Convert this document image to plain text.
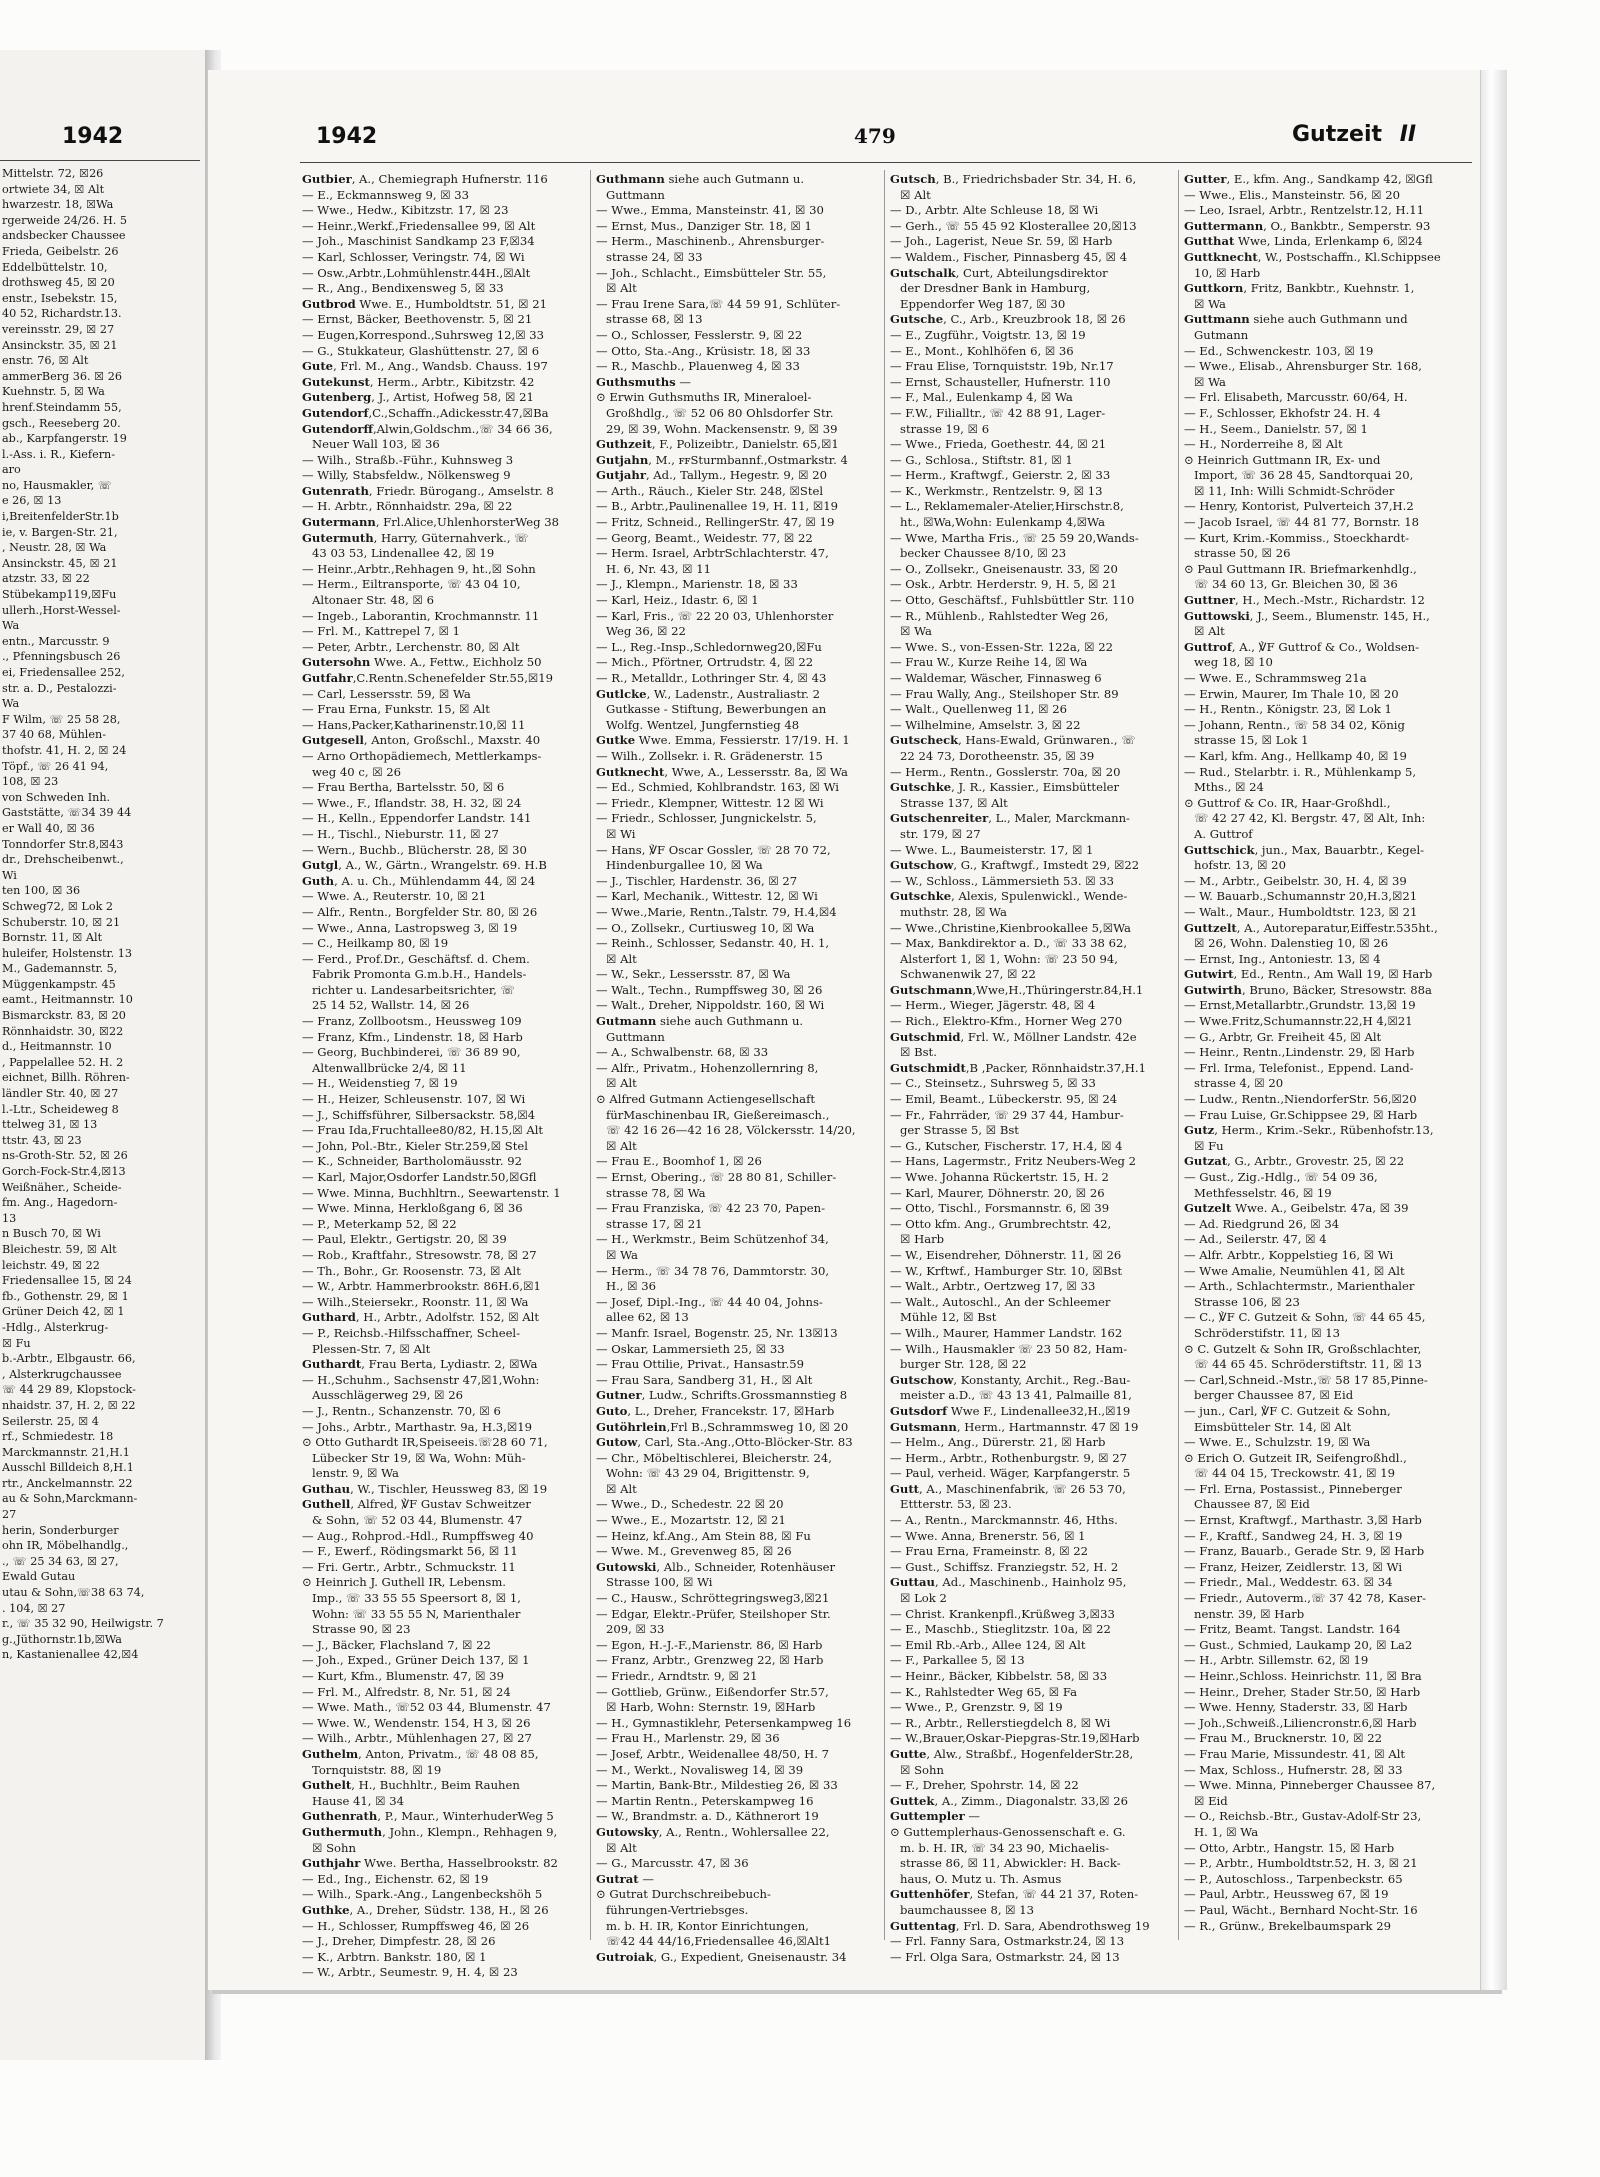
1942
Mittelstr. 72, ☒26
ortwiete 34, ☒ Alt
hwarzestr. 18, ☒Wa
rgerweide 24/26. H. 5
andsbecker Chaussee
Frieda, Geibelstr. 26
Eddelbüttelstr. 10,
drothsweg 45, ☒ 20
enstr., Isebekstr. 15,
40 52, Richardstr.13.
vereinsstr. 29, ☒ 27
Ansinckstr. 35, ☒ 21
enstr. 76, ☒ Alt
ammerBerg 36. ☒ 26
Kuehnstr. 5, ☒ Wa
hrenf.Steindamm 55,
gsch., Reeseberg 20.
ab., Karpfangerstr. 19
l.-Ass. i. R., Kiefern-
aro
no, Hausmakler, ☏
e 26, ☒ 13
i,BreitenfelderStr.1b
ie, v. Bargen-Str. 21,
, Neustr. 28, ☒ Wa
Ansinckstr. 45, ☒ 21
atzstr. 33, ☒ 22
Stübekamp119,☒Fu
ullerh.,Horst-Wessel-
Wa
entn., Marcusstr. 9
., Pfenningsbusch 26
ei, Friedensallee 252,
str. a. D., Pestalozzi-
Wa
F Wilm, ☏ 25 58 28,
37 40 68, Mühlen-
thofstr. 41, H. 2, ☒ 24
Töpf., ☏ 26 41 94,
108, ☒ 23
von Schweden Inh.
Gaststätte, ☏34 39 44
er Wall 40, ☒ 36
Tonndorfer Str.8,☒43
dr., Drehscheibenwt.,
Wi
ten 100, ☒ 36
Schweg72, ☒ Lok 2
Schuberstr. 10, ☒ 21
Bornstr. 11, ☒ Alt
huleifer, Holstenstr. 13
M., Gademannstr. 5,
Müggenkampstr. 45
eamt., Heitmannstr. 10
Bismarckstr. 83, ☒ 20
Rönnhaidstr. 30, ☒22
d., Heitmannstr. 10
, Pappelallee 52. H. 2
eichnet, Billh. Röhren-
ländler Str. 40, ☒ 27
l.-Ltr., Scheideweg 8
ttelweg 31, ☒ 13
ttstr. 43, ☒ 23
ns-Groth-Str. 52, ☒ 26
Gorch-Fock-Str.4,☒13
Weißnäher., Scheide-
fm. Ang., Hagedorn-
13
n Busch 70, ☒ Wi
Bleichestr. 59, ☒ Alt
leichstr. 49, ☒ 22
Friedensallee 15, ☒ 24
fb., Gothenstr. 29, ☒ 1
Grüner Deich 42, ☒ 1
-Hdlg., Alsterkrug-
☒ Fu
b.-Arbtr., Elbgaustr. 66,
, Alsterkrugchaussee
☏ 44 29 89, Klopstock-
nhaidstr. 37, H. 2, ☒ 22
Seilerstr. 25, ☒ 4
rf., Schmiedestr. 18
Marckmannstr. 21,H.1
Ausschl Billdeich 8,H.1
rtr., Anckelmannstr. 22
au & Sohn,Marckmann-
27
herin, Sonderburger
ohn IR, Möbelhandlg.,
., ☏ 25 34 63, ☒ 27,
Ewald Gutau
utau & Sohn,☏38 63 74,
. 104, ☒ 27
r., ☏ 35 32 90, Heilwigstr. 7
g.,Jüthornstr.1b,☒Wa
n, Kastanienallee 42,☒4
1942	479	Gutzeit II
Gutbier, A., Chemiegraph Hufnerstr. 116
— E., Eckmannsweg 9, ☒ 33
— Wwe., Hedw., Kibitzstr. 17, ☒ 23
— Heinr.,Werkf.,Friedensallee 99, ☒ Alt
— Joh., Maschinist Sandkamp 23 F,☒34
— Karl, Schlosser, Veringstr. 74, ☒ Wi
— Osw.,Arbtr.,Lohmühlenstr.44H.,☒Alt
— R., Ang., Bendixensweg 5, ☒ 33
Gutbrod Wwe. E., Humboldtstr. 51, ☒ 21
— Ernst, Bäcker, Beethovenstr. 5, ☒ 21
— Eugen,Korrespond.,Suhrsweg 12,☒ 33
— G., Stukkateur, Glashüttenstr. 27, ☒ 6
Gute, Frl. M., Ang., Wandsb. Chauss. 197
Gutekunst, Herm., Arbtr., Kibitzstr. 42
Gutenberg, J., Artist, Hofweg 58, ☒ 21
Gutendorf,C.,Schaffn.,Adickesstr.47,☒Ba
Gutendorff,Alwin,Goldschm.,☏ 34 66 36,
Neuer Wall 103, ☒ 36
— Wilh., Straßb.-Führ., Kuhnsweg 3
— Willy, Stabsfeldw., Nölkensweg 9
Gutenrath, Friedr. Bürogang., Amselstr. 8
— H. Arbtr., Rönnhaidstr. 29a, ☒ 22
Gutermann, Frl.Alice,UhlenhorsterWeg 38
Gutermuth, Harry, Güternahverk., ☏
43 03 53, Lindenallee 42, ☒ 19
— Heinr.,Arbtr.,Rehhagen 9, ht.,☒ Sohn
— Herm., Eiltransporte, ☏ 43 04 10,
Altonaer Str. 48, ☒ 6
— Ingeb., Laborantin, Krochmannstr. 11
— Frl. M., Kattrepel 7, ☒ 1
— Peter, Arbtr., Lerchenstr. 80, ☒ Alt
Gutersohn Wwe. A., Fettw., Eichholz 50
Gutfahr,C.Rentn.Schenefelder Str.55,☒19
— Carl, Lessersstr. 59, ☒ Wa
— Frau Erna, Funkstr. 15, ☒ Alt
— Hans,Packer,Katharinenstr.10,☒ 11
Gutgesell, Anton, Großschl., Maxstr. 40
— Arno Orthopädiemech, Mettlerkamps-
weg 40 c, ☒ 26
— Frau Bertha, Bartelsstr. 50, ☒ 6
— Wwe., F., Iflandstr. 38, H. 32, ☒ 24
— H., Kelln., Eppendorfer Landstr. 141
— H., Tischl., Nieburstr. 11, ☒ 27
— Wern., Buchb., Blücherstr. 28, ☒ 30
Gutgl, A., W., Gärtn., Wrangelstr. 69. H.B
Guth, A. u. Ch., Mühlendamm 44, ☒ 24
— Wwe. A., Reuterstr. 10, ☒ 21
— Alfr., Rentn., Borgfelder Str. 80, ☒ 26
— Wwe., Anna, Lastropsweg 3, ☒ 19
— C., Heilkamp 80, ☒ 19
— Ferd., Prof.Dr., Geschäftsf. d. Chem.
Fabrik Promonta G.m.b.H., Handels-
richter u. Landesarbeitsrichter, ☏
25 14 52, Wallstr. 14, ☒ 26
— Franz, Zollbootsm., Heussweg 109
— Franz, Kfm., Lindenstr. 18, ☒ Harb
— Georg, Buchbinderei, ☏ 36 89 90,
Altenwallbrücke 2/4, ☒ 11
— H., Weidenstieg 7, ☒ 19
— H., Heizer, Schleusenstr. 107, ☒ Wi
— J., Schiffsführer, Silbersackstr. 58,☒4
— Frau Ida,Fruchtallee80/82, H.15,☒ Alt
— John, Pol.-Btr., Kieler Str.259,☒ Stel
— K., Schneider, Bartholomäusstr. 92
— Karl, Major,Osdorfer Landstr.50,☒Gfl
— Wwe. Minna, Buchhltrn., Seewartenstr. 1
— Wwe. Minna, Herkloßgang 6, ☒ 36
— P., Meterkamp 52, ☒ 22
— Paul, Elektr., Gertigstr. 20, ☒ 39
— Rob., Kraftfahr., Stresowstr. 78, ☒ 27
— Th., Bohr., Gr. Roosenstr. 73, ☒ Alt
— W., Arbtr. Hammerbrookstr. 86H.6,☒1
— Wilh.,Steiersekr., Roonstr. 11, ☒ Wa
Guthard, H., Arbtr., Adolfstr. 152, ☒ Alt
— P., Reichsb.-Hilfsschaffner, Scheel-
Plessen-Str. 7, ☒ Alt
Guthardt, Frau Berta, Lydiastr. 2, ☒Wa
— H.,Schuhm., Sachsenstr 47,☒1,Wohn:
Ausschlägerweg 29, ☒ 26
— J., Rentn., Schanzenstr. 70, ☒ 6
— Johs., Arbtr., Marthastr. 9a, H.3,☒19
⊙ Otto Guthardt IR,Speiseeis.☏28 60 71,
Lübecker Str 19, ☒ Wa, Wohn: Müh-
lenstr. 9, ☒ Wa
Guthau, W., Tischler, Heussweg 83, ☒ 19
Guthell, Alfred, ℣F Gustav Schweitzer
& Sohn, ☏ 52 03 44, Blumenstr. 47
— Aug., Rohprod.-Hdl., Rumpffsweg 40
— F., Ewerf., Rödingsmarkt 56, ☒ 11
— Fri. Gertr., Arbtr., Schmuckstr. 11
⊙ Heinrich J. Guthell IR, Lebensm.
Imp., ☏ 33 55 55 Speersort 8, ☒ 1,
Wohn: ☏ 33 55 55 N, Marienthaler
Strasse 90, ☒ 23
— J., Bäcker, Flachsland 7, ☒ 22
— Joh., Exped., Grüner Deich 137, ☒ 1
— Kurt, Kfm., Blumenstr. 47, ☒ 39
— Frl. M., Alfredstr. 8, Nr. 51, ☒ 24
— Wwe. Math., ☏52 03 44, Blumenstr. 47
— Wwe. W., Wendenstr. 154, H 3, ☒ 26
— Wilh., Arbtr., Mühlenhagen 27, ☒ 27
Guthelm, Anton, Privatm., ☏ 48 08 85,
Tornquiststr. 88, ☒ 19
Guthelt, H., Buchhltr., Beim Rauhen
Hause 41, ☒ 34
Guthenrath, P., Maur., WinterhuderWeg 5
Guthermuth, John., Klempn., Rehhagen 9,
☒ Sohn
Guthjahr Wwe. Bertha, Hasselbrookstr. 82
— Ed., Ing., Eichenstr. 62, ☒ 19
— Wilh., Spark.-Ang., Langenbeckshöh 5
Guthke, A., Dreher, Südstr. 138, H., ☒ 26
— H., Schlosser, Rumpffsweg 46, ☒ 26
— J., Dreher, Dimpfestr. 28, ☒ 26
— K., Arbtrn. Bankstr. 180, ☒ 1
— W., Arbtr., Seumestr. 9, H. 4, ☒ 23
Guthmann siehe auch Gutmann u.
Guttmann
— Wwe., Emma, Mansteinstr. 41, ☒ 30
— Ernst, Mus., Danziger Str. 18, ☒ 1
— Herm., Maschinenb., Ahrensburger-
strasse 24, ☒ 33
— Joh., Schlacht., Eimsbütteler Str. 55,
☒ Alt
— Frau Irene Sara,☏ 44 59 91, Schlüter-
strasse 68, ☒ 13
— O., Schlosser, Fesslerstr. 9, ☒ 22
— Otto, Sta.-Ang., Krüsistr. 18, ☒ 33
— R., Maschb., Plauenweg 4, ☒ 33
Guthsmuths —
⊙ Erwin Guthsmuths IR, Mineraloel-
Großhdlg., ☏ 52 06 80 Ohlsdorfer Str.
29, ☒ 39, Wohn. Mackensenstr. 9, ☒ 39
Guthzeit, F., Polizeibtr., Danielstr. 65,☒1
Gutjahn, M., ꜰꜰSturmbannf.,Ostmarkstr. 4
Gutjahr, Ad., Tallym., Hegestr. 9, ☒ 20
— Arth., Räuch., Kieler Str. 248, ☒Stel
— B., Arbtr.,Paulinenallee 19, H. 11, ☒19
— Fritz, Schneid., RellingerStr. 47, ☒ 19
— Georg, Beamt., Weidestr. 77, ☒ 22
— Herm. Israel, ArbtrSchlachterstr. 47,
H. 6, Nr. 43, ☒ 11
— J., Klempn., Marienstr. 18, ☒ 33
— Karl, Heiz., Idastr. 6, ☒ 1
— Karl, Fris., ☏ 22 20 03, Uhlenhorster
Weg 36, ☒ 22
— L., Reg.-Insp.,Schledornweg20,☒Fu
— Mich., Pförtner, Ortrudstr. 4, ☒ 22
— R., Metalldr., Lothringer Str. 4, ☒ 43
Gutlcke, W., Ladenstr., Australiastr. 2
Gutkasse - Stiftung, Bewerbungen an
Wolfg. Wentzel, Jungfernstieg 48
Gutke Wwe. Emma, Fessierstr. 17/19. H. 1
— Wilh., Zollsekr. i. R. Grädenerstr. 15
Gutknecht, Wwe, A., Lessersstr. 8a, ☒ Wa
— Ed., Schmied, Kohlbrandstr. 163, ☒ Wi
— Friedr., Klempner, Wittestr. 12 ☒ Wi
— Friedr., Schlosser, Jungnickelstr. 5,
☒ Wi
— Hans, ℣F Oscar Gossler, ☏ 28 70 72,
Hindenburgallee 10, ☒ Wa
— J., Tischler, Hardenstr. 36, ☒ 27
— Karl, Mechanik., Wittestr. 12, ☒ Wi
— Wwe.,Marie, Rentn.,Talstr. 79, H.4,☒4
— O., Zollsekr., Curtiusweg 10, ☒ Wa
— Reinh., Schlosser, Sedanstr. 40, H. 1,
☒ Alt
— W., Sekr., Lessersstr. 87, ☒ Wa
— Walt., Techn., Rumpffsweg 30, ☒ 26
— Walt., Dreher, Nippoldstr. 160, ☒ Wi
Gutmann siehe auch Guthmann u.
Guttmann
— A., Schwalbenstr. 68, ☒ 33
— Alfr., Privatm., Hohenzollernring 8,
☒ Alt
⊙ Alfred Gutmann Actiengesellschaft
fürMaschinenbau IR, Gießereimasch.,
☏ 42 16 26—42 16 28, Völckersstr. 14/20,
☒ Alt
— Frau E., Boomhof 1, ☒ 26
— Ernst, Obering., ☏ 28 80 81, Schiller-
strasse 78, ☒ Wa
— Frau Franziska, ☏ 42 23 70, Papen-
strasse 17, ☒ 21
— H., Werkmstr., Beim Schützenhof 34,
☒ Wa
— Herm., ☏ 34 78 76, Dammtorstr. 30,
H., ☒ 36
— Josef, Dipl.-Ing., ☏ 44 40 04, Johns-
allee 62, ☒ 13
— Manfr. Israel, Bogenstr. 25, Nr. 13☒13
— Oskar, Lammersieth 25, ☒ 33
— Frau Ottilie, Privat., Hansastr.59
— Frau Sara, Sandberg 31, H., ☒ Alt
Gutner, Ludw., Schrifts.Grossmannstieg 8
Guto, L., Dreher, Francekstr. 17, ☒Harb
Gutöhrlein,Frl B.,Schrammsweg 10, ☒ 20
Gutow, Carl, Sta.-Ang.,Otto-Blöcker-Str. 83
— Chr., Möbeltischlerei, Bleicherstr. 24,
Wohn: ☏ 43 29 04, Brigittenstr. 9,
☒ Alt
— Wwe., D., Schedestr. 22 ☒ 20
— Wwe., E., Mozartstr. 12, ☒ 21
— Heinz, kf.Ang., Am Stein 88, ☒ Fu
— Wwe. M., Grevenweg 85, ☒ 26
Gutowski, Alb., Schneider, Rotenhäuser
Strasse 100, ☒ Wi
— C., Hausw., Schröttegringsweg3,☒21
— Edgar, Elektr.-Prüfer, Steilshoper Str.
209, ☒ 33
— Egon, H.-J.-F.,Marienstr. 86, ☒ Harb
— Franz, Arbtr., Grenzweg 22, ☒ Harb
— Friedr., Arndtstr. 9, ☒ 21
— Gottlieb, Grünw., Eißendorfer Str.57,
☒ Harb, Wohn: Sternstr. 19, ☒Harb
— H., Gymnastiklehr, Petersenkampweg 16
— Frau H., Marlenstr. 29, ☒ 36
— Josef, Arbtr., Weidenallee 48/50, H. 7
— M., Werkt., Novalisweg 14, ☒ 39
— Martin, Bank-Btr., Mildestieg 26, ☒ 33
— Martin Rentn., Peterskampweg 16
— W., Brandmstr. a. D., Käthnerort 19
Gutowsky, A., Rentn., Wohlersallee 22,
☒ Alt
— G., Marcusstr. 47, ☒ 36
Gutrat —
⊙ Gutrat Durchschreibebuch-
führungen-Vertriebsges.
m. b. H. IR, Kontor Einrichtungen,
☏42 44 44/16,Friedensallee 46,☒Alt1
Gutroiak, G., Expedient, Gneisenaustr. 34
Gutsch, B., Friedrichsbader Str. 34, H. 6,
☒ Alt
— D., Arbtr. Alte Schleuse 18, ☒ Wi
— Gerh., ☏ 55 45 92 Klosterallee 20,☒13
— Joh., Lagerist, Neue Sr. 59, ☒ Harb
— Waldem., Fischer, Pinnasberg 45, ☒ 4
Gutschalk, Curt, Abteilungsdirektor
der Dresdner Bank in Hamburg,
Eppendorfer Weg 187, ☒ 30
Gutsche, C., Arb., Kreuzbrook 18, ☒ 26
— E., Zugführ., Voigtstr. 13, ☒ 19
— E., Mont., Kohlhöfen 6, ☒ 36
— Frau Elise, Tornquiststr. 19b, Nr.17
— Ernst, Schausteller, Hufnerstr. 110
— F., Mal., Eulenkamp 4, ☒ Wa
— F.W., Filialltr., ☏ 42 88 91, Lager-
strasse 19, ☒ 6
— Wwe., Frieda, Goethestr. 44, ☒ 21
— G., Schlosa., Stiftstr. 81, ☒ 1
— Herm., Kraftwgf., Geierstr. 2, ☒ 33
— K., Werkmstr., Rentzelstr. 9, ☒ 13
— L., Reklamemaler-Atelier,Hirschstr.8,
ht., ☒Wa,Wohn: Eulenkamp 4,☒Wa
— Wwe, Martha Fris., ☏ 25 59 20,Wands-
becker Chaussee 8/10, ☒ 23
— O., Zollsekr., Gneisenaustr. 33, ☒ 20
— Osk., Arbtr. Herderstr. 9, H. 5, ☒ 21
— Otto, Geschäftsf., Fuhlsbüttler Str. 110
— R., Mühlenb., Rahlstedter Weg 26,
☒ Wa
— Wwe. S., von-Essen-Str. 122a, ☒ 22
— Frau W., Kurze Reihe 14, ☒ Wa
— Waldemar, Wäscher, Finnasweg 6
— Frau Wally, Ang., Steilshoper Str. 89
— Walt., Quellenweg 11, ☒ 26
— Wilhelmine, Amselstr. 3, ☒ 22
Gutscheck, Hans-Ewald, Grünwaren., ☏
22 24 73, Dorotheenstr. 35, ☒ 39
— Herm., Rentn., Gosslerstr. 70a, ☒ 20
Gutschke, J. R., Kassier., Eimsbütteler
Strasse 137, ☒ Alt
Gutschenreiter, L., Maler, Marckmann-
str. 179, ☒ 27
— Wwe. L., Baumeisterstr. 17, ☒ 1
Gutschow, G., Kraftwgf., Imstedt 29, ☒22
— W., Schloss., Lämmersieth 53. ☒ 33
Gutschke, Alexis, Spulenwickl., Wende-
muthstr. 28, ☒ Wa
— Wwe.,Christine,Kienbrookallee 5,☒Wa
— Max, Bankdirektor a. D., ☏ 33 38 62,
Alsterfort 1, ☒ 1, Wohn: ☏ 23 50 94,
Schwanenwik 27, ☒ 22
Gutschmann,Wwe,H.,Thüringerstr.84,H.1
— Herm., Wieger, Jägerstr. 48, ☒ 4
— Rich., Elektro-Kfm., Horner Weg 270
Gutschmid, Frl. W., Möllner Landstr. 42e
☒ Bst.
Gutschmidt,B ,Packer, Rönnhaidstr.37,H.1
— C., Steinsetz., Suhrsweg 5, ☒ 33
— Emil, Beamt., Lübeckerstr. 95, ☒ 24
— Fr., Fahrräder, ☏ 29 37 44, Hambur-
ger Strasse 5, ☒ Bst
— G., Kutscher, Fischerstr. 17, H.4, ☒ 4
— Hans, Lagermstr., Fritz Neubers-Weg 2
— Wwe. Johanna Rückertstr. 15, H. 2
— Karl, Maurer, Döhnerstr. 20, ☒ 26
— Otto, Tischl., Forsmannstr. 6, ☒ 39
— Otto kfm. Ang., Grumbrechtstr. 42,
☒ Harb
— W., Eisendreher, Döhnerstr. 11, ☒ 26
— W., Krftwf., Hamburger Str. 10, ☒Bst
— Walt., Arbtr., Oertzweg 17, ☒ 33
— Walt., Autoschl., An der Schleemer
Mühle 12, ☒ Bst
— Wilh., Maurer, Hammer Landstr. 162
— Wilh., Hausmakler ☏ 23 50 82, Ham-
burger Str. 128, ☒ 22
Gutschow, Konstanty, Archit., Reg.-Bau-
meister a.D., ☏ 43 13 41, Palmaille 81,
Gutsdorf Wwe F., Lindenallee32,H.,☒19
Gutsmann, Herm., Hartmannstr. 47 ☒ 19
— Helm., Ang., Dürerstr. 21, ☒ Harb
— Herm., Arbtr., Rothenburgstr. 9, ☒ 27
— Paul, verheid. Wäger, Karpfangerstr. 5
Gutt, A., Maschinenfabrik, ☏ 26 53 70,
Ettterstr. 53, ☒ 23.
— A., Rentn., Marckmannstr. 46, Hths.
— Wwe. Anna, Brenerstr. 56, ☒ 1
— Frau Erna, Frameinstr. 8, ☒ 22
— Gust., Schiffsz. Franziegstr. 52, H. 2
Guttau, Ad., Maschinenb., Hainholz 95,
☒ Lok 2
— Christ. Krankenpfl.,Krüßweg 3,☒33
— E., Maschb., Stieglitzstr. 10a, ☒ 22
— Emil Rb.-Arb., Allee 124, ☒ Alt
— F., Parkallee 5, ☒ 13
— Heinr., Bäcker, Kibbelstr. 58, ☒ 33
— K., Rahlstedter Weg 65, ☒ Fa
— Wwe., P., Grenzstr. 9, ☒ 19
— R., Arbtr., Rellerstiegdelch 8, ☒ Wi
— W.,Brauer,Oskar-Piepgras-Str.19,☒Harb
Gutte, Alw., Straßbf., HogenfelderStr.28,
☒ Sohn
— F., Dreher, Spohrstr. 14, ☒ 22
Guttek, A., Zimm., Diagonalstr. 33,☒ 26
Guttempler —
⊙ Guttemplerhaus-Genossenschaft e. G.
m. b. H. IR, ☏ 34 23 90, Michaelis-
strasse 86, ☒ 11, Abwickler: H. Back-
haus, O. Mutz u. Th. Asmus
Guttenhöfer, Stefan, ☏ 44 21 37, Roten-
baumchaussee 8, ☒ 13
Guttentag, Frl. D. Sara, Abendrothsweg 19
— Frl. Fanny Sara, Ostmarkstr.24, ☒ 13
— Frl. Olga Sara, Ostmarkstr. 24, ☒ 13
Gutter, E., kfm. Ang., Sandkamp 42, ☒Gfl
— Wwe., Elis., Mansteinstr. 56, ☒ 20
— Leo, Israel, Arbtr., Rentzelstr.12, H.11
Guttermann, O., Bankbtr., Semperstr. 93
Gutthat Wwe, Linda, Erlenkamp 6, ☒24
Guttknecht, W., Postschaffn., Kl.Schippsee
10, ☒ Harb
Guttkorn, Fritz, Bankbtr., Kuehnstr. 1,
☒ Wa
Guttmann siehe auch Guthmann und
Gutmann
— Ed., Schwenckestr. 103, ☒ 19
— Wwe., Elisab., Ahrensburger Str. 168,
☒ Wa
— Frl. Elisabeth, Marcusstr. 60/64, H.
— F., Schlosser, Ekhofstr 24. H. 4
— H., Seem., Danielstr. 57, ☒ 1
— H., Norderreihe 8, ☒ Alt
⊙ Heinrich Guttmann IR, Ex- und
Import, ☏ 36 28 45, Sandtorquai 20,
☒ 11, Inh: Willi Schmidt-Schröder
— Henry, Kontorist, Pulverteich 37,H.2
— Jacob Israel, ☏ 44 81 77, Bornstr. 18
— Kurt, Krim.-Kommiss., Stoeckhardt-
strasse 50, ☒ 26
⊙ Paul Guttmann IR. Briefmarkenhdlg.,
☏ 34 60 13, Gr. Bleichen 30, ☒ 36
Guttner, H., Mech.-Mstr., Richardstr. 12
Guttowski, J., Seem., Blumenstr. 145, H.,
☒ Alt
Guttrof, A., ℣F Guttrof & Co., Woldsen-
weg 18, ☒ 10
— Wwe. E., Schrammsweg 21a
— Erwin, Maurer, Im Thale 10, ☒ 20
— H., Rentn., Königstr. 23, ☒ Lok 1
— Johann, Rentn., ☏ 58 34 02, König
strasse 15, ☒ Lok 1
— Karl, kfm. Ang., Hellkamp 40, ☒ 19
— Rud., Stelarbtr. i. R., Mühlenkamp 5,
Mths., ☒ 24
⊙ Guttrof & Co. IR, Haar-Großhdl.,
☏ 42 27 42, Kl. Bergstr. 47, ☒ Alt, Inh:
A. Guttrof
Guttschick, jun., Max, Bauarbtr., Kegel-
hofstr. 13, ☒ 20
— M., Arbtr., Geibelstr. 30, H. 4, ☒ 39
— W. Bauarb.,Schumannstr 20,H.3,☒21
— Walt., Maur., Humboldtstr. 123, ☒ 21
Guttzelt, A., Autoreparatur,Eiffestr.535ht.,
☒ 26, Wohn. Dalenstieg 10, ☒ 26
— Ernst, Ing., Antoniestr. 13, ☒ 4
Gutwirt, Ed., Rentn., Am Wall 19, ☒ Harb
Gutwirth, Bruno, Bäcker, Stresowstr. 88a
— Ernst,Metallarbtr.,Grundstr. 13,☒ 19
— Wwe.Fritz,Schumannstr.22,H 4,☒21
— G., Arbtr, Gr. Freiheit 45, ☒ Alt
— Heinr., Rentn.,Lindenstr. 29, ☒ Harb
— Frl. Irma, Telefonist., Eppend. Land-
strasse 4, ☒ 20
— Ludw., Rentn.,NiendorferStr. 56,☒20
— Frau Luise, Gr.Schippsee 29, ☒ Harb
Gutz, Herm., Krim.-Sekr., Rübenhofstr.13,
☒ Fu
Gutzat, G., Arbtr., Grovestr. 25, ☒ 22
— Gust., Zig.-Hdlg., ☏ 54 09 36,
Methfesselstr. 46, ☒ 19
Gutzelt Wwe. A., Geibelstr. 47a, ☒ 39
— Ad. Riedgrund 26, ☒ 34
— Ad., Seilerstr. 47, ☒ 4
— Alfr. Arbtr., Koppelstieg 16, ☒ Wi
— Wwe Amalie, Neumühlen 41, ☒ Alt
— Arth., Schlachtermstr., Marienthaler
Strasse 106, ☒ 23
— C., ℣F C. Gutzeit & Sohn, ☏ 44 65 45,
Schröderstifstr. 11, ☒ 13
⊙ C. Gutzelt & Sohn IR, Großschlachter,
☏ 44 65 45. Schröderstiftstr. 11, ☒ 13
— Carl,Schneid.-Mstr.,☏ 58 17 85,Pinne-
berger Chaussee 87, ☒ Eid
— jun., Carl, ℣F C. Gutzeit & Sohn,
Eimsbütteler Str. 14, ☒ Alt
— Wwe. E., Schulzstr. 19, ☒ Wa
⊙ Erich O. Gutzeit IR, Seifengroßhdl.,
☏ 44 04 15, Treckowstr. 41, ☒ 19
— Frl. Erna, Postassist., Pinneberger
Chaussee 87, ☒ Eid
— Ernst, Kraftwgf., Marthastr. 3,☒ Harb
— F., Kraftf., Sandweg 24, H. 3, ☒ 19
— Franz, Bauarb., Gerade Str. 9, ☒ Harb
— Franz, Heizer, Zeidlerstr. 13, ☒ Wi
— Friedr., Mal., Weddestr. 63. ☒ 34
— Friedr., Autoverm.,☏ 37 42 78, Kaser-
nenstr. 39, ☒ Harb
— Fritz, Beamt. Tangst. Landstr. 164
— Gust., Schmied, Laukamp 20, ☒ La2
— H., Arbtr. Sillemstr. 62, ☒ 19
— Heinr.,Schloss. Heinrichstr. 11, ☒ Bra
— Heinr., Dreher, Stader Str.50, ☒ Harb
— Wwe. Henny, Staderstr. 33, ☒ Harb
— Joh.,Schweiß.,Liliencronstr.6,☒ Harb
— Frau M., Brucknerstr. 10, ☒ 22
— Frau Marie, Missundestr. 41, ☒ Alt
— Max, Schloss., Hufnerstr. 28, ☒ 33
— Wwe. Minna, Pinneberger Chaussee 87,
☒ Eid
— O., Reichsb.-Btr., Gustav-Adolf-Str 23,
H. 1, ☒ Wa
— Otto, Arbtr., Hangstr. 15, ☒ Harb
— P., Arbtr., Humboldtstr.52, H. 3, ☒ 21
— P., Autoschloss., Tarpenbeckstr. 65
— Paul, Arbtr., Heussweg 67, ☒ 19
— Paul, Wächt., Bernhard Nocht-Str. 16
— R., Grünw., Brekelbaumspark 29
